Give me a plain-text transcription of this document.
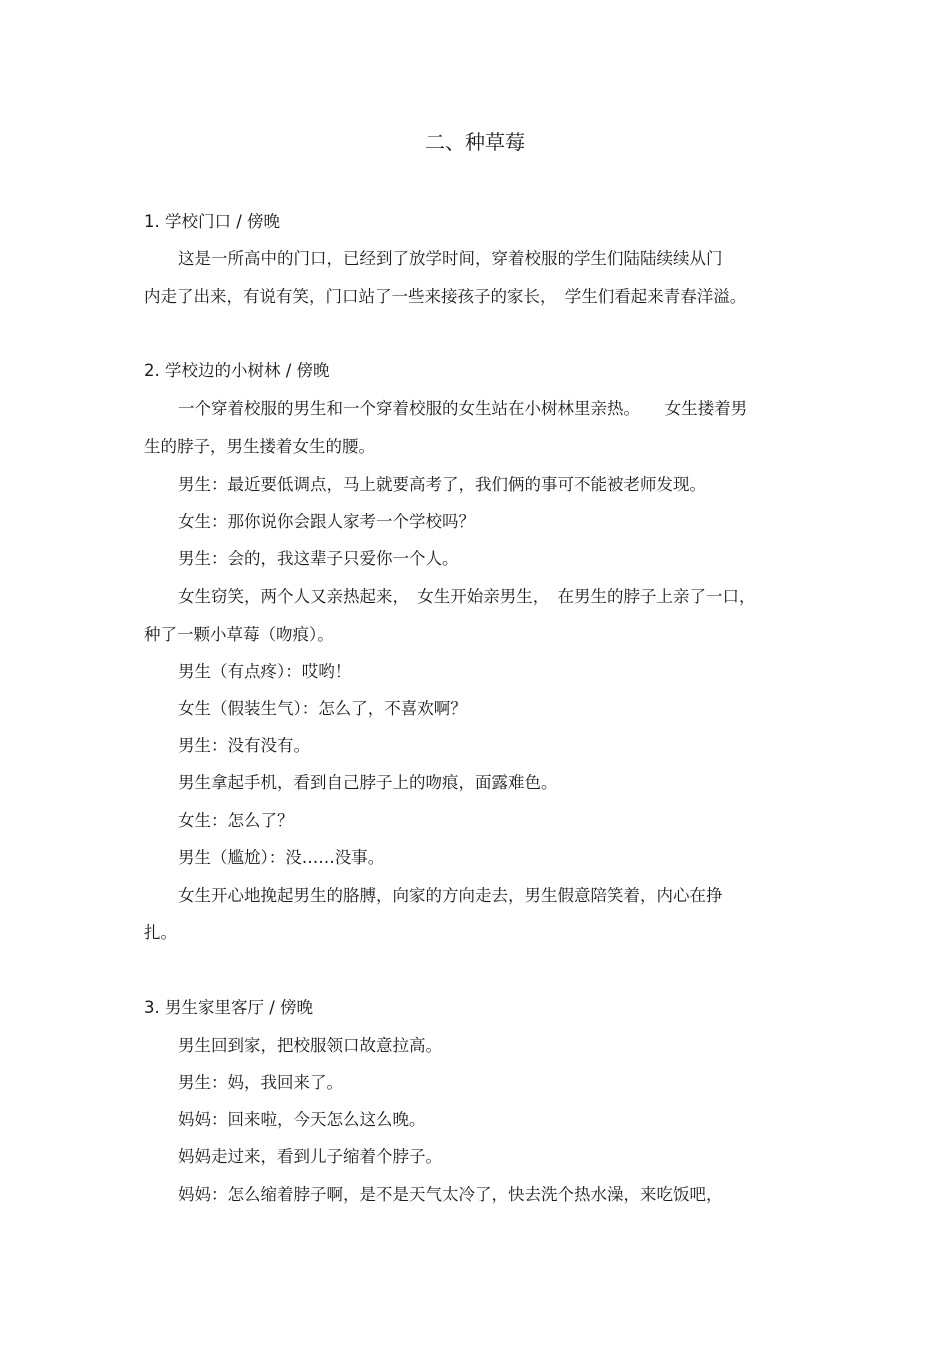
二、种草莓
1. 学校门口 / 傍晚
这是一所高中的门口，已经到了放学时间，穿着校服的学生们陆陆续续从门
内走了出来，有说有笑，门口站了一些来接孩子的家长，　学生们看起来青春洋溢。
2. 学校边的小树林 / 傍晚
一个穿着校服的男生和一个穿着校服的女生站在小树林里亲热。　　女生搂着男
生的脖子，男生搂着女生的腰。
男生：最近要低调点，马上就要高考了，我们俩的事可不能被老师发现。
女生：那你说你会跟人家考一个学校吗？
男生：会的，我这辈子只爱你一个人。
女生窃笑，两个人又亲热起来，　女生开始亲男生，　在男生的脖子上亲了一口，
种了一颗小草莓（吻痕）。
男生（有点疼）：哎哟！
女生（假装生气）：怎么了，不喜欢啊？
男生：没有没有。
男生拿起手机，看到自己脖子上的吻痕，面露难色。
女生：怎么了？
男生（尴尬）：没……没事。
女生开心地挽起男生的胳膊，向家的方向走去，男生假意陪笑着，内心在挣
扎。
3. 男生家里客厅 / 傍晚
男生回到家，把校服领口故意拉高。
男生：妈，我回来了。
妈妈：回来啦，今天怎么这么晚。
妈妈走过来，看到儿子缩着个脖子。
妈妈：怎么缩着脖子啊，是不是天气太冷了，快去洗个热水澡，来吃饭吧，
